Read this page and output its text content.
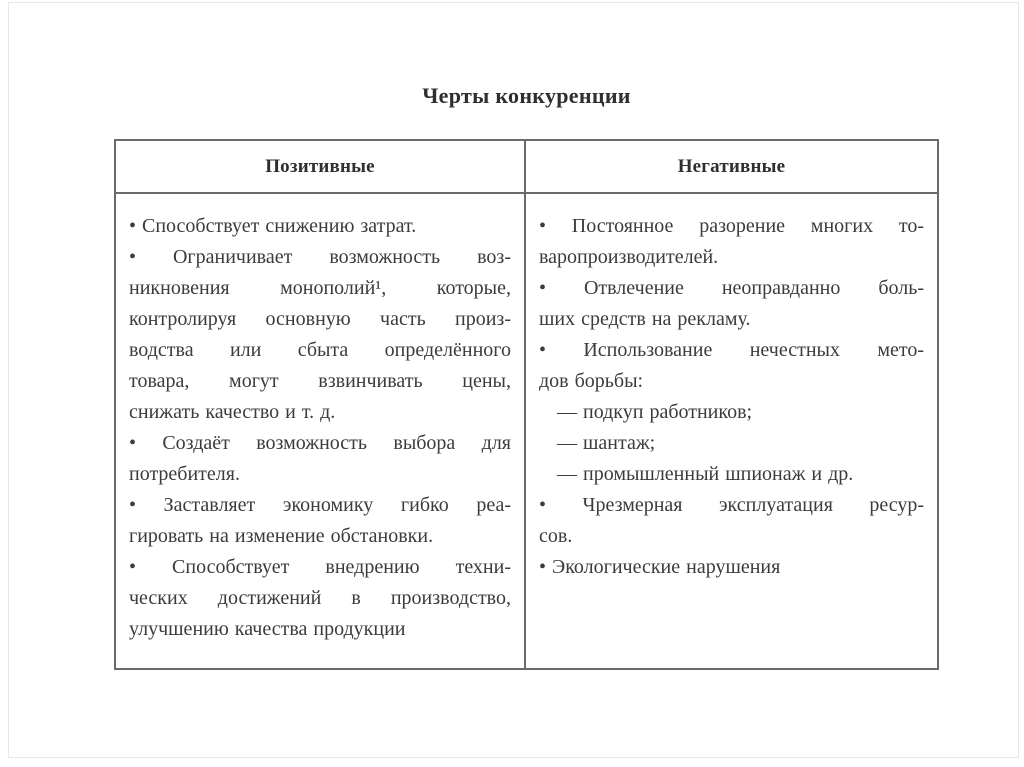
Черты конкуренции
Позитивные	Негативные
• Способствует снижению затрат.
• Ограничивает возможность воз-
никновения монополий¹, которые,
контролируя основную часть произ-
водства или сбыта определённого
товара, могут взвинчивать цены,
снижать качество и т. д.
• Создаёт возможность выбора для
потребителя.
• Заставляет экономику гибко реа-
гировать на изменение обстановки.
• Способствует внедрению техни-
ческих достижений в производство,
улучшению качества продукции
• Постоянное разорение многих то-
варопроизводителей.
• Отвлечение неоправданно боль-
ших средств на рекламу.
• Использование нечестных мето-
дов борьбы:
— подкуп работников;
— шантаж;
— промышленный шпионаж и др.
• Чрезмерная эксплуатация ресур-
сов.
• Экологические нарушения
